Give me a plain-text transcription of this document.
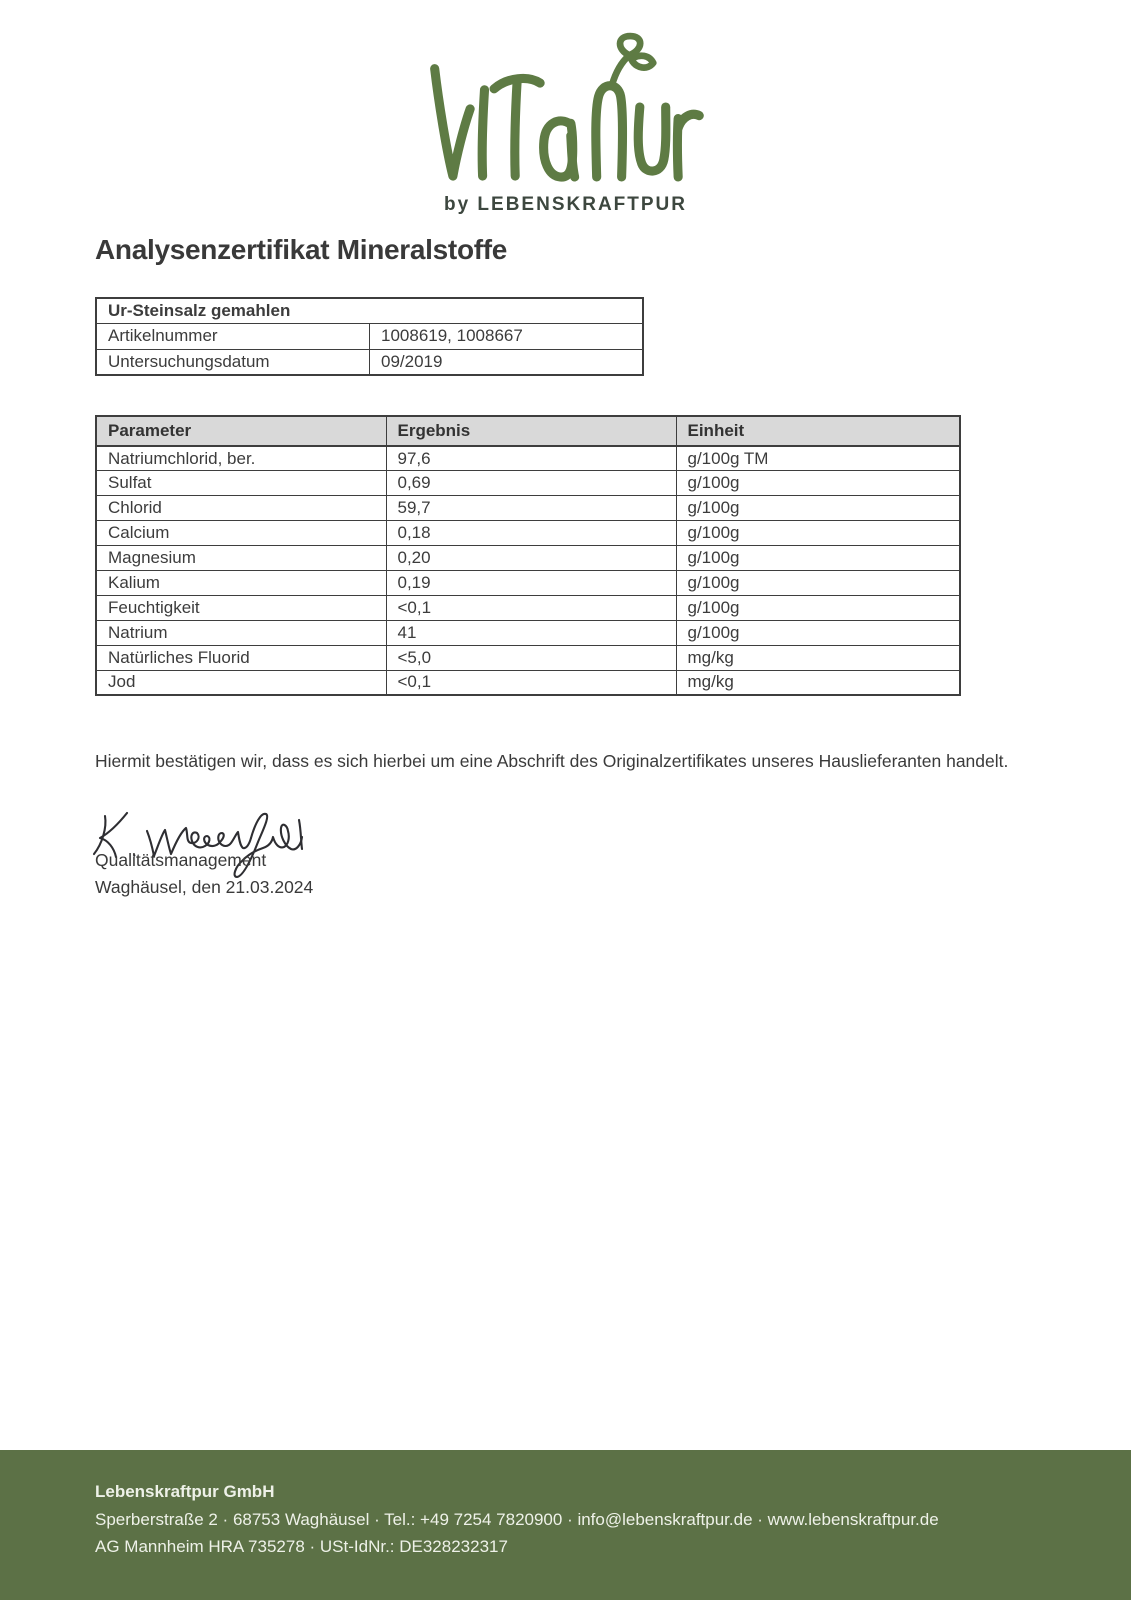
by LEBENSKRAFTPUR
Analysenzertifikat Mineralstoffe
Ur-Steinsalz gemahlen	
Artikelnummer	1008619, 1008667
Untersuchungsdatum	09/2019
Parameter	Ergebnis	Einheit
Natriumchlorid, ber.	97,6	g/100g TM
Sulfat	0,69	g/100g
Chlorid	59,7	g/100g
Calcium	0,18	g/100g
Magnesium	0,20	g/100g
Kalium	0,19	g/100g
Feuchtigkeit	<0,1	g/100g
Natrium	41	g/100g
Natürliches Fluorid	<5,0	mg/kg
Jod	<0,1	mg/kg

Hiermit bestätigen wir, dass es sich hierbei um eine Abschrift des Originalzertifikates unseres Hauslieferanten handelt.

Qualitätsmanagement
Waghäusel, den 21.03.2024
Lebenskraftpur GmbH
Sperberstraße 2 · 68753 Waghäusel · Tel.: +49 7254 7820900 · info@lebenskraftpur.de · www.lebenskraftpur.de
AG Mannheim HRA 735278 · USt-IdNr.: DE328232317
